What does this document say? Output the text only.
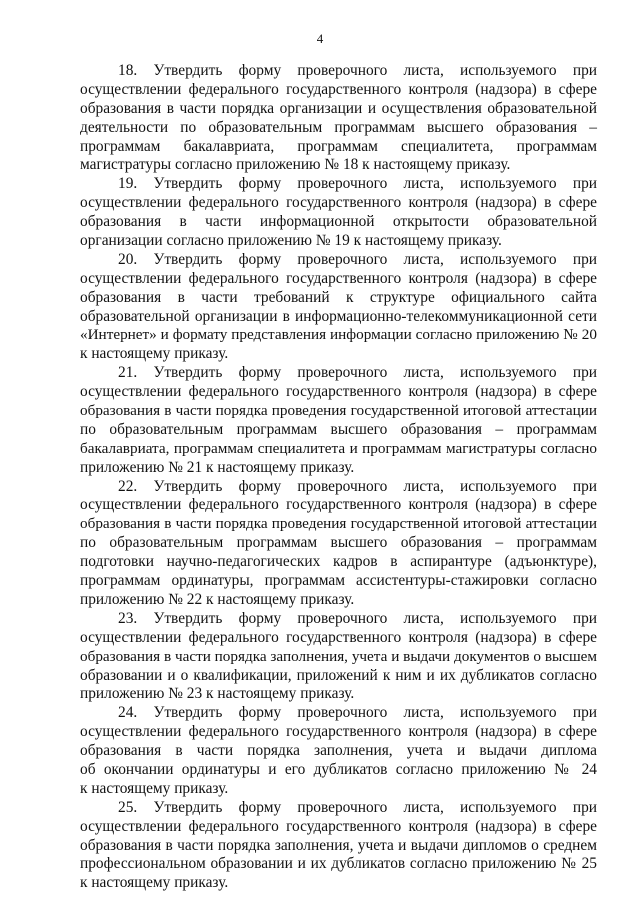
4
18. Утвердить форму проверочного листа, используемого при
осуществлении федерального государственного контроля (надзора) в сфере
образования в части порядка организации и осуществления образовательной
деятельности по образовательным программам высшего образования –
программам бакалавриата, программам специалитета, программам
магистратуры согласно приложению № 18 к настоящему приказу.
19. Утвердить форму проверочного листа, используемого при
осуществлении федерального государственного контроля (надзора) в сфере
образования в части информационной открытости образовательной
организации согласно приложению № 19 к настоящему приказу.
20. Утвердить форму проверочного листа, используемого при
осуществлении федерального государственного контроля (надзора) в сфере
образования в части требований к структуре официального сайта
образовательной организации в информационно-телекоммуникационной сети
«Интернет» и формату представления информации согласно приложению № 20
к настоящему приказу.
21. Утвердить форму проверочного листа, используемого при
осуществлении федерального государственного контроля (надзора) в сфере
образования в части порядка проведения государственной итоговой аттестации
по образовательным программам высшего образования – программам
бакалавриата, программам специалитета и программам магистратуры согласно
приложению № 21 к настоящему приказу.
22. Утвердить форму проверочного листа, используемого при
осуществлении федерального государственного контроля (надзора) в сфере
образования в части порядка проведения государственной итоговой аттестации
по образовательным программам высшего образования – программам
подготовки научно-педагогических кадров в аспирантуре (адъюнктуре),
программам ординатуры, программам ассистентуры-стажировки согласно
приложению № 22 к настоящему приказу.
23. Утвердить форму проверочного листа, используемого при
осуществлении федерального государственного контроля (надзора) в сфере
образования в части порядка заполнения, учета и выдачи документов о высшем
образовании и о квалификации, приложений к ним и их дубликатов согласно
приложению № 23 к настоящему приказу.
24. Утвердить форму проверочного листа, используемого при
осуществлении федерального государственного контроля (надзора) в сфере
образования в части порядка заполнения, учета и выдачи диплома
об окончании ординатуры и его дубликатов согласно приложению № 24
к настоящему приказу.
25. Утвердить форму проверочного листа, используемого при
осуществлении федерального государственного контроля (надзора) в сфере
образования в части порядка заполнения, учета и выдачи дипломов о среднем
профессиональном образовании и их дубликатов согласно приложению № 25
к настоящему приказу.
